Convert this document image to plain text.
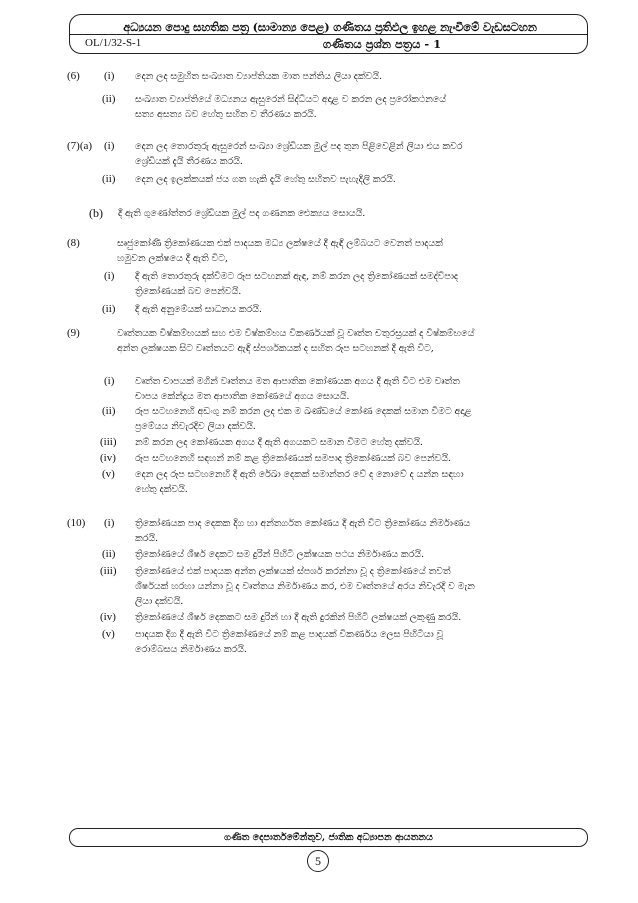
අධ්‍යයන පොදු සහතික පත්‍ර (සාමාන්‍ය පෙළ) ගණිතය ප්‍රතිඵල ඉහළ නැංවීමේ වැඩසටහන
OL/1/32-S-1	ගණිතය ප්‍රශ්න පත්‍රය - 1
(6) (i) දෙන ලද සමුහිත සංඛ්‍යාත ව්‍යාප්තියක මාත පන්තිය ලියා දක්වයි.
(ii) සංඛ්‍යාත ව්‍යාප්තියේ මධ්‍යනය ඇසුරෙන් සිද්ධියට අදාළ ව කරන ලද ප්‍රරෝකථනයේ
සත්‍ය අසත්‍ය බව හේතු සහිත ව තීරණය කරයි.
(7)(a) (i) දෙන ලද තොරතුරු ඇසුරෙන් සංඛ්‍යා ශ්‍රේඩියක මුල් පද තුන පිළිවෙළින් ලියා එය කවර
ශ්‍රේඩියක් දැයි තීරණය කරයි.
(ii) දෙන ලද ඉලක්කයක් ජය ගත හැකි දැයි හේතු සහිතව පැහැදිලි කරයි.
(b) දී ඇති ගුණෝත්තර ශ්‍රේඩියක මුල් පද ගණනක ඓක්‍යය සොයයි.
(8)	සෘජුකෝණී ත්‍රිකෝණයක එක් පාදයක මධ්‍ය ලක්ෂයේ දී ඇඳි ලම්බයට වෙනත් පාදයක්
හමුවන ලක්ෂයෙ දී ඇති විට,
(i) දී ඇති තොරතුරු දක්වීමට රූප සටහනක් ඇඳ, නම් කරන ලද ත්‍රිකෝණයක් සමද්විපාද
ත්‍රිකෝණයක් බව පෙන්වයි.
(ii) දී ඇති අනුමේයක් සාධනය කරයි.
(9)	වෘත්තයක විෂ්කම්භයක් සහ එම විෂ්කම්භය විකර්ණයක් වූ වෘත්ත චතුරස්‍රයක් ද විෂ්කම්භයේ
අන්ත ලක්ෂයක සිට වෘත්තයට ඇඳි ස්පර්ශකයක් ද සහිත රූප සටහනක් දී ඇති විට,
(i) වෘත්ත චාපයක් මගින් වෘත්තය මත ආපාතික කෝණයක අගය දී ඇති විට එම වෘත්ත
චාපය කේන්ද්‍රය මත ආපාතික කෝණයේ අගය සොයයි.
(ii) රූප සටහනෙහි අඩංගු නම් කරන ලද එක ම ඛණ්ඩයේ කෝණ දෙකක් සමාන වීමට අදාළ
ප්‍රමේයය නිවැරදිව ලියා දක්වයි.
(iii) නම් කරන ලද කෝණයක අගය දී ඇති අගයකට සමාන වීමට හේතු දක්වයි.
(iv) රූප සටහනෙහි සඳහන් නම් කළ ත්‍රිකෝණයක් සමපාද ත්‍රිකෝණයක් බව පෙන්වයි.
(v) දෙන ලද රූප සටහනෙහි දී ඇති රේඛා දෙකක් සමාන්තර වේ ද නොවේ ද යන්න සඳහා
හේතු දක්වයි.
(10) (i) ත්‍රිකෝණයක පාද දෙකක දිග හා අන්තර්ගත කෝණය දී ඇති විට ත්‍රිකෝණය නිර්මාණය
කරයි.
(ii) ත්‍රිකෝණයේ ශීර්ෂ දෙකට සම දුරින් පිහිටි ලක්ෂයක පථය නිර්මාණය කරයි.
(iii) ත්‍රිකෝණයේ එක් පාදයක අන්ත ලක්ෂයක් ස්පර්ශ කරන්නා වූ ද ත්‍රිකෝණයේ තවත්
ශීර්ෂයක් හරහා යන්නා වූ ද වෘත්තය නිර්මාණය කර, එම වෘත්තයේ අරය නිවැරදි ව මැන
ලියා දක්වයි.
(iv) ත්‍රිකෝණයේ ශීර්ෂ දෙකකට සම දුරින් හා දී ඇති දුරකින් පිහිටි ලක්ෂයක් ලකුණු කරයි.
(v) පාදයක දිග දී ඇති විට ත්‍රිකෝණයේ නම් කළ පාදයක් විකර්ණය ලෙස පිහිටියා වූ
රොම්බසය නිර්මාණය කරයි.
ගණිත දෙපාර්තමේන්තුව, ජාතික අධ්‍යාපන ආයතනය
5
